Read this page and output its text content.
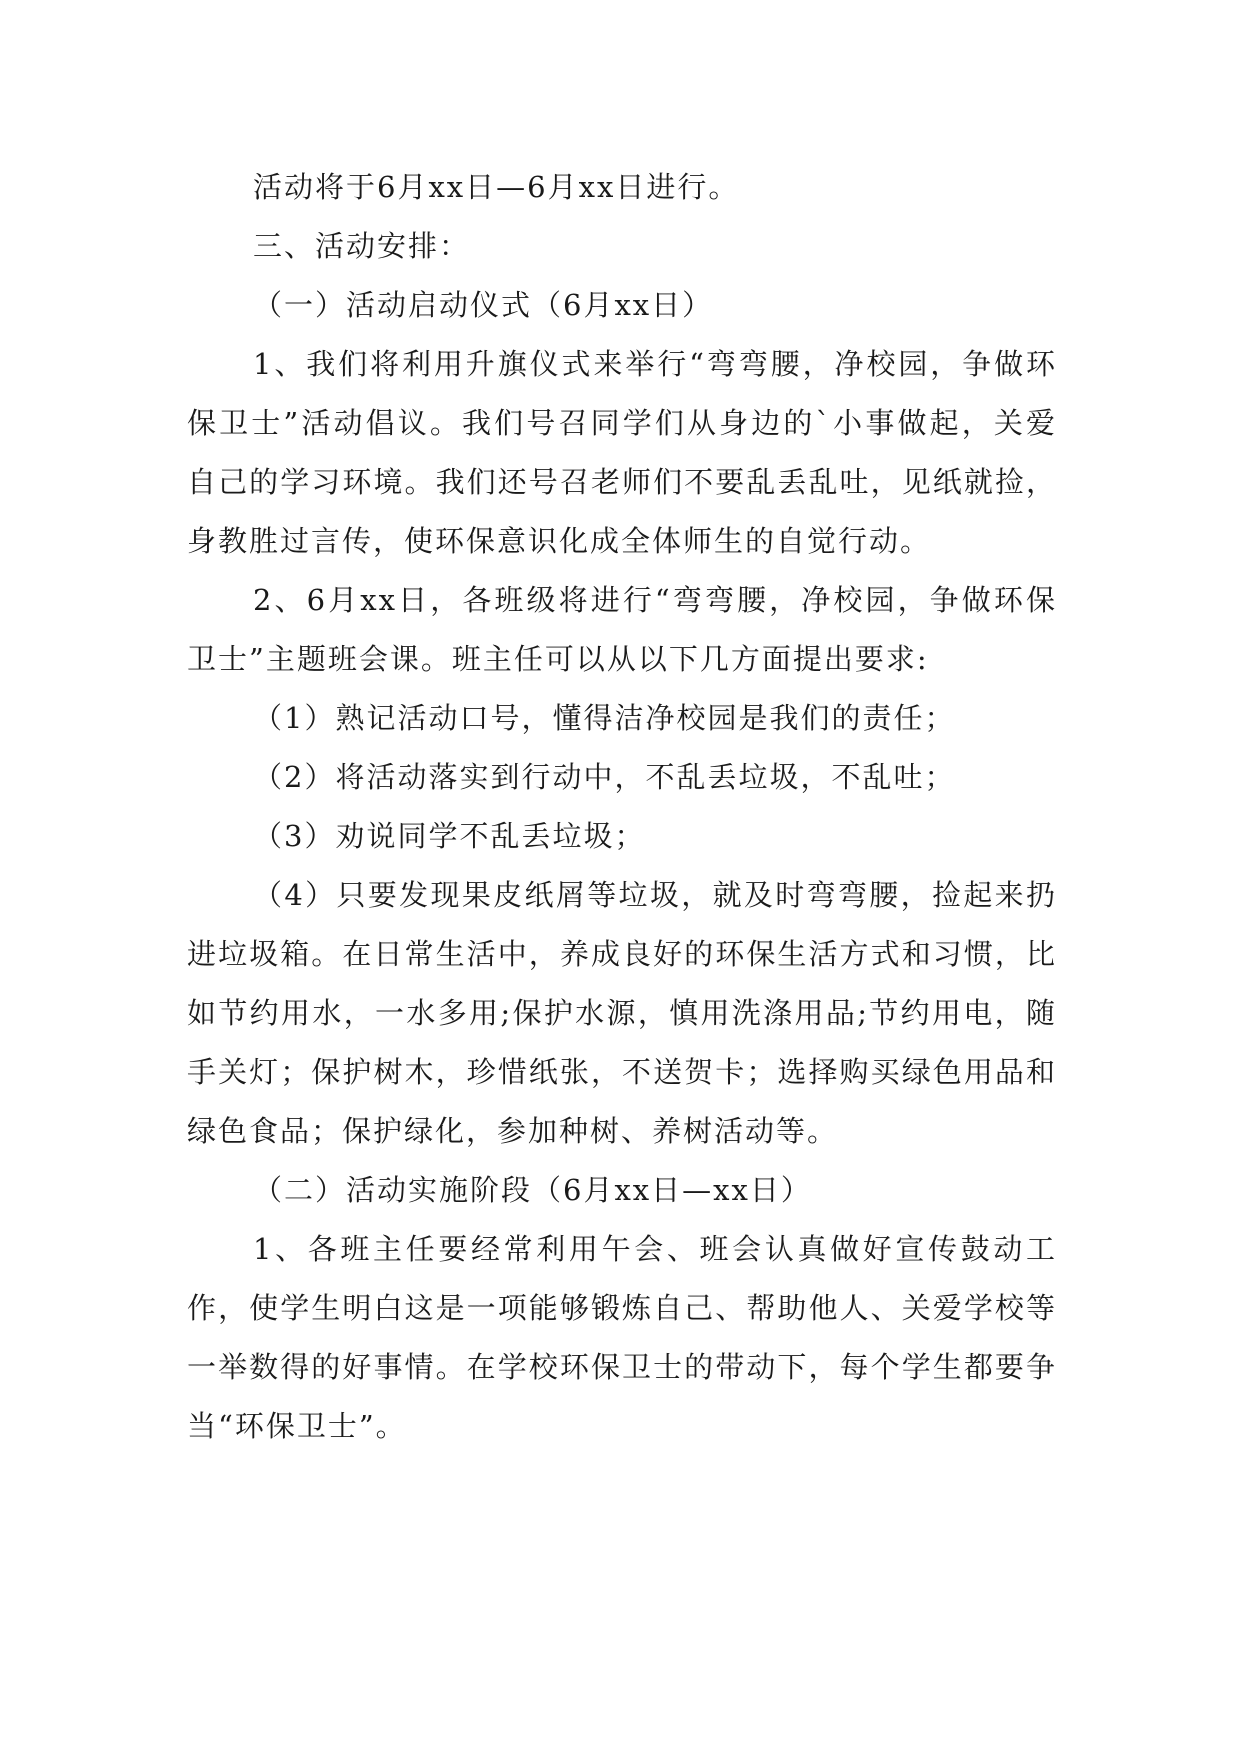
活动将于6月xx日—6月xx日进行。

三、活动安排：

（一）活动启动仪式（6月xx日）

1、我们将利用升旗仪式来举行“弯弯腰，净校园，争做环保卫士”活动倡议。我们号召同学们从身边的`小事做起，关爱自己的学习环境。我们还号召老师们不要乱丢乱吐，见纸就捡，身教胜过言传，使环保意识化成全体师生的自觉行动。

2、6月xx日，各班级将进行“弯弯腰，净校园，争做环保卫士”主题班会课。班主任可以从以下几方面提出要求:

（1）熟记活动口号，懂得洁净校园是我们的责任；

（2）将活动落实到行动中，不乱丢垃圾，不乱吐；

（3）劝说同学不乱丢垃圾；

（4）只要发现果皮纸屑等垃圾，就及时弯弯腰，捡起来扔进垃圾箱。在日常生活中，养成良好的环保生活方式和习惯，比如节约用水，一水多用;保护水源，慎用洗涤用品;节约用电，随手关灯；保护树木，珍惜纸张，不送贺卡；选择购买绿色用品和绿色食品；保护绿化，参加种树、养树活动等。

（二）活动实施阶段（6月xx日—xx日）

1、各班主任要经常利用午会、班会认真做好宣传鼓动工作，使学生明白这是一项能够锻炼自己、帮助他人、关爱学校等一举数得的好事情。在学校环保卫士的带动下，每个学生都要争当“环保卫士”。
